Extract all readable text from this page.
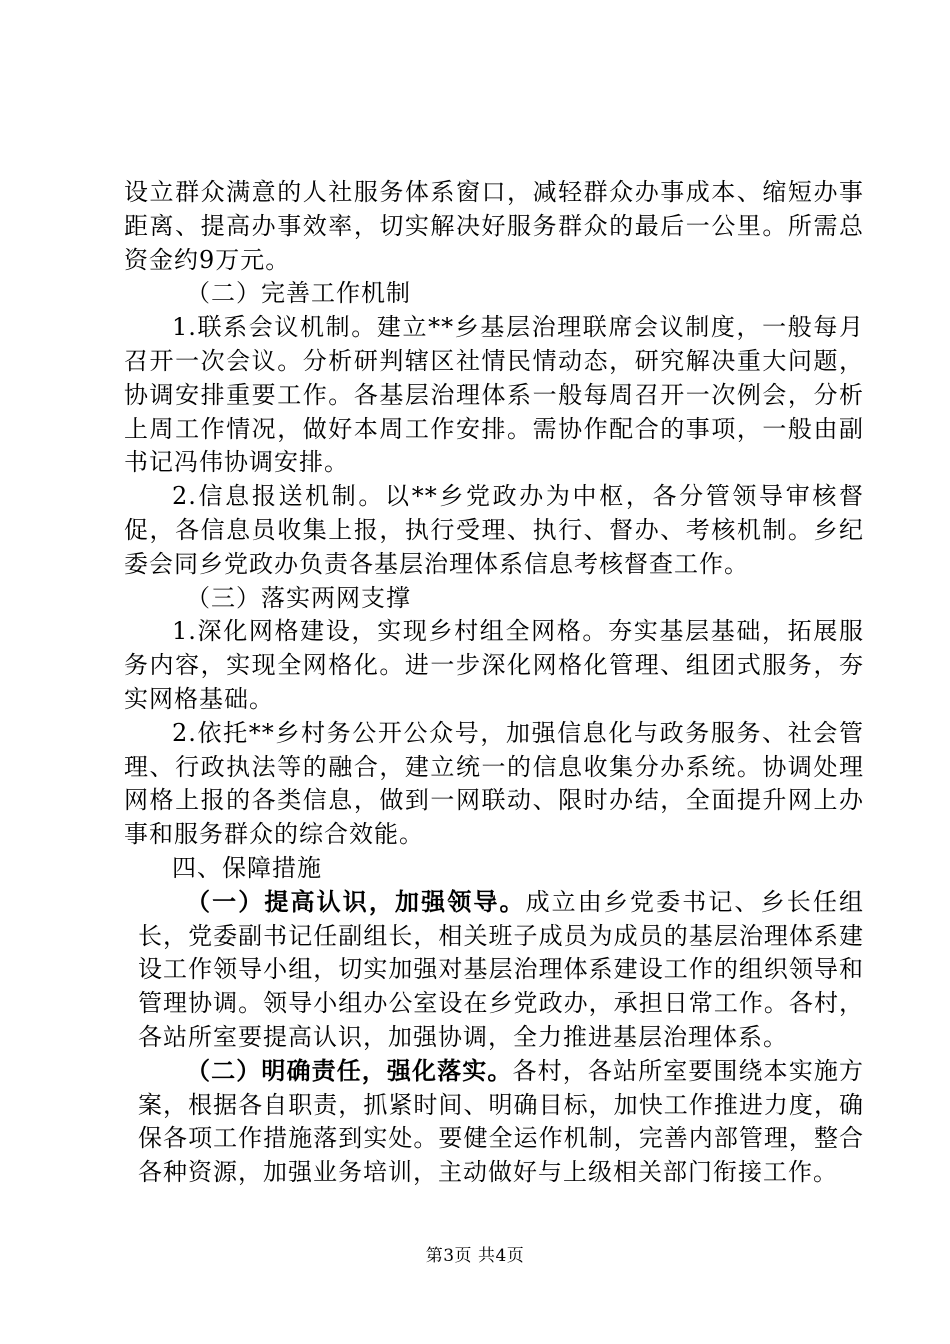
设立群众满意的人社服务体系窗口，减轻群众办事成本、缩短办事距离、提高办事效率，切实解决好服务群众的最后一公里。所需总资金约9万元。

（二）完善工作机制

1.联系会议机制。建立**乡基层治理联席会议制度，一般每月召开一次会议。分析研判辖区社情民情动态，研究解决重大问题，协调安排重要工作。各基层治理体系一般每周召开一次例会，分析上周工作情况，做好本周工作安排。需协作配合的事项，一般由副书记冯伟协调安排。

2.信息报送机制。以**乡党政办为中枢，各分管领导审核督促，各信息员收集上报，执行受理、执行、督办、考核机制。乡纪委会同乡党政办负责各基层治理体系信息考核督查工作。

（三）落实两网支撑

1.深化网格建设，实现乡村组全网格。夯实基层基础，拓展服务内容，实现全网格化。进一步深化网格化管理、组团式服务，夯实网格基础。

2.依托**乡村务公开公众号，加强信息化与政务服务、社会管理、行政执法等的融合，建立统一的信息收集分办系统。协调处理网格上报的各类信息，做到一网联动、限时办结，全面提升网上办事和服务群众的综合效能。

四、保障措施

（一）提高认识，加强领导。成立由乡党委书记、乡长任组长，党委副书记任副组长，相关班子成员为成员的基层治理体系建设工作领导小组，切实加强对基层治理体系建设工作的组织领导和管理协调。领导小组办公室设在乡党政办，承担日常工作。各村，各站所室要提高认识，加强协调，全力推进基层治理体系。

（二）明确责任，强化落实。各村，各站所室要围绕本实施方案，根据各自职责，抓紧时间、明确目标，加快工作推进力度，确保各项工作措施落到实处。要健全运作机制，完善内部管理，整合各种资源，加强业务培训，主动做好与上级相关部门衔接工作。

第3页 共4页
